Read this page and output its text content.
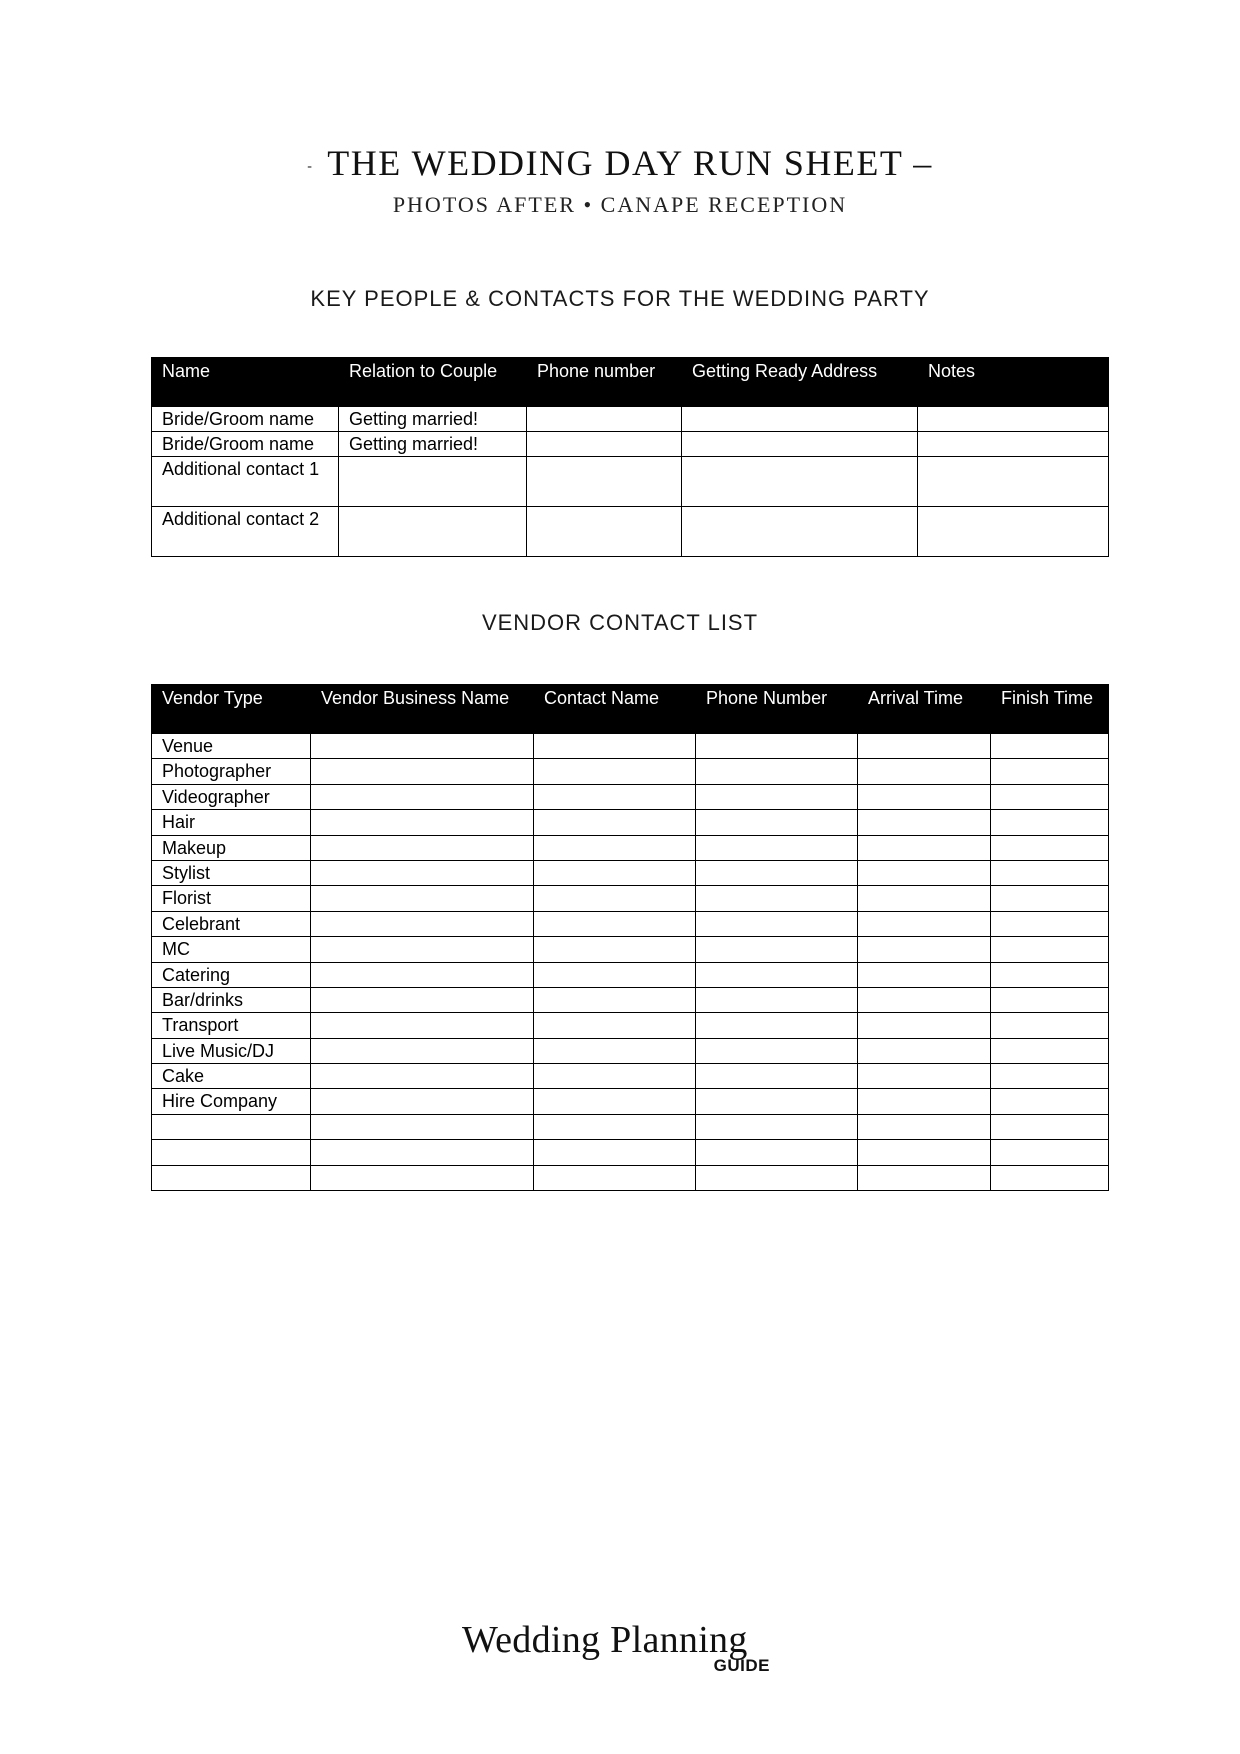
- THE WEDDING DAY RUN SHEET –
PHOTOS AFTER • CANAPE RECEPTION
KEY PEOPLE & CONTACTS FOR THE WEDDING PARTY
Name	Relation to Couple	Phone number	Getting Ready Address	Notes
Bride/Groom name	Getting married!			
Bride/Groom name	Getting married!			
Additional contact 1				
Additional contact 2				
VENDOR CONTACT LIST
Vendor Type	Vendor Business Name	Contact Name	Phone Number	Arrival Time	Finish Time
Venue					
Photographer					
Videographer					
Hair					
Makeup					
Stylist					
Florist					
Celebrant					
MC					
Catering					
Bar/drinks					
Transport					
Live Music/DJ					
Cake					
Hire Company					

Wedding Planning
GUIDE
